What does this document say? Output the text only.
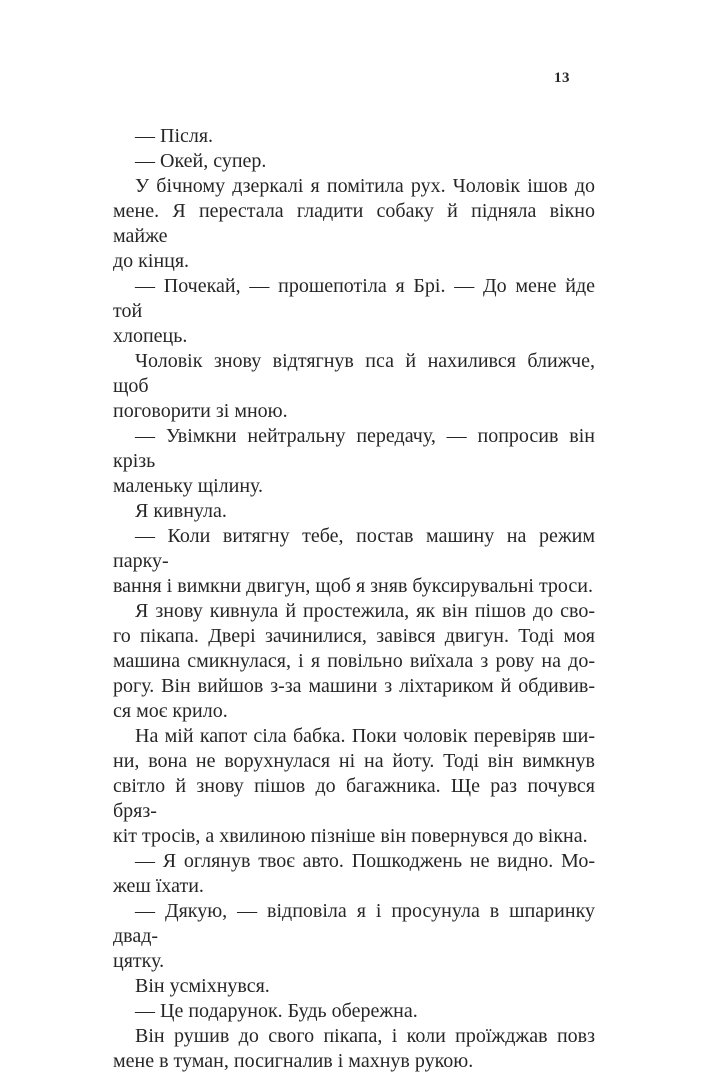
13

— Після.

— Окей, супер.

У бічному дзеркалі я помітила рух. Чоловік ішов до
мене. Я перестала гладити собаку й підняла вікно майже
до кінця.

— Почекай, — прошепотіла я Брі. — До мене йде той
хлопець.

Чоловік знову відтягнув пса й нахилився ближче, щоб
поговорити зі мною.

— Увімкни нейтральну передачу, — попросив він крізь
маленьку щілину.

Я кивнула.

— Коли витягну тебе, постав машину на режим парку-
вання і вимкни двигун, щоб я зняв буксирувальні троси.

Я знову кивнула й простежила, як він пішов до сво-
го пікапа. Двері зачинилися, завівся двигун. Тоді моя
машина смикнулася, і я повільно виїхала з рову на до-
рогу. Він вийшов з-за машини з ліхтариком й обдивив-
ся моє крило.

На мій капот сіла бабка. Поки чоловік перевіряв ши-
ни, вона не ворухнулася ні на йоту. Тоді він вимкнув
світло й знову пішов до багажника. Ще раз почувся бряз-
кіт тросів, а хвилиною пізніше він повернувся до вікна.

— Я оглянув твоє авто. Пошкоджень не видно. Мо-
жеш їхати.

— Дякую, — відповіла я і просунула в шпаринку двад-
цятку.

Він усміхнувся.

— Це подарунок. Будь обережна.

Він рушив до свого пікапа, і коли проїжджав повз
мене в туман, посигналив і махнув рукою.
